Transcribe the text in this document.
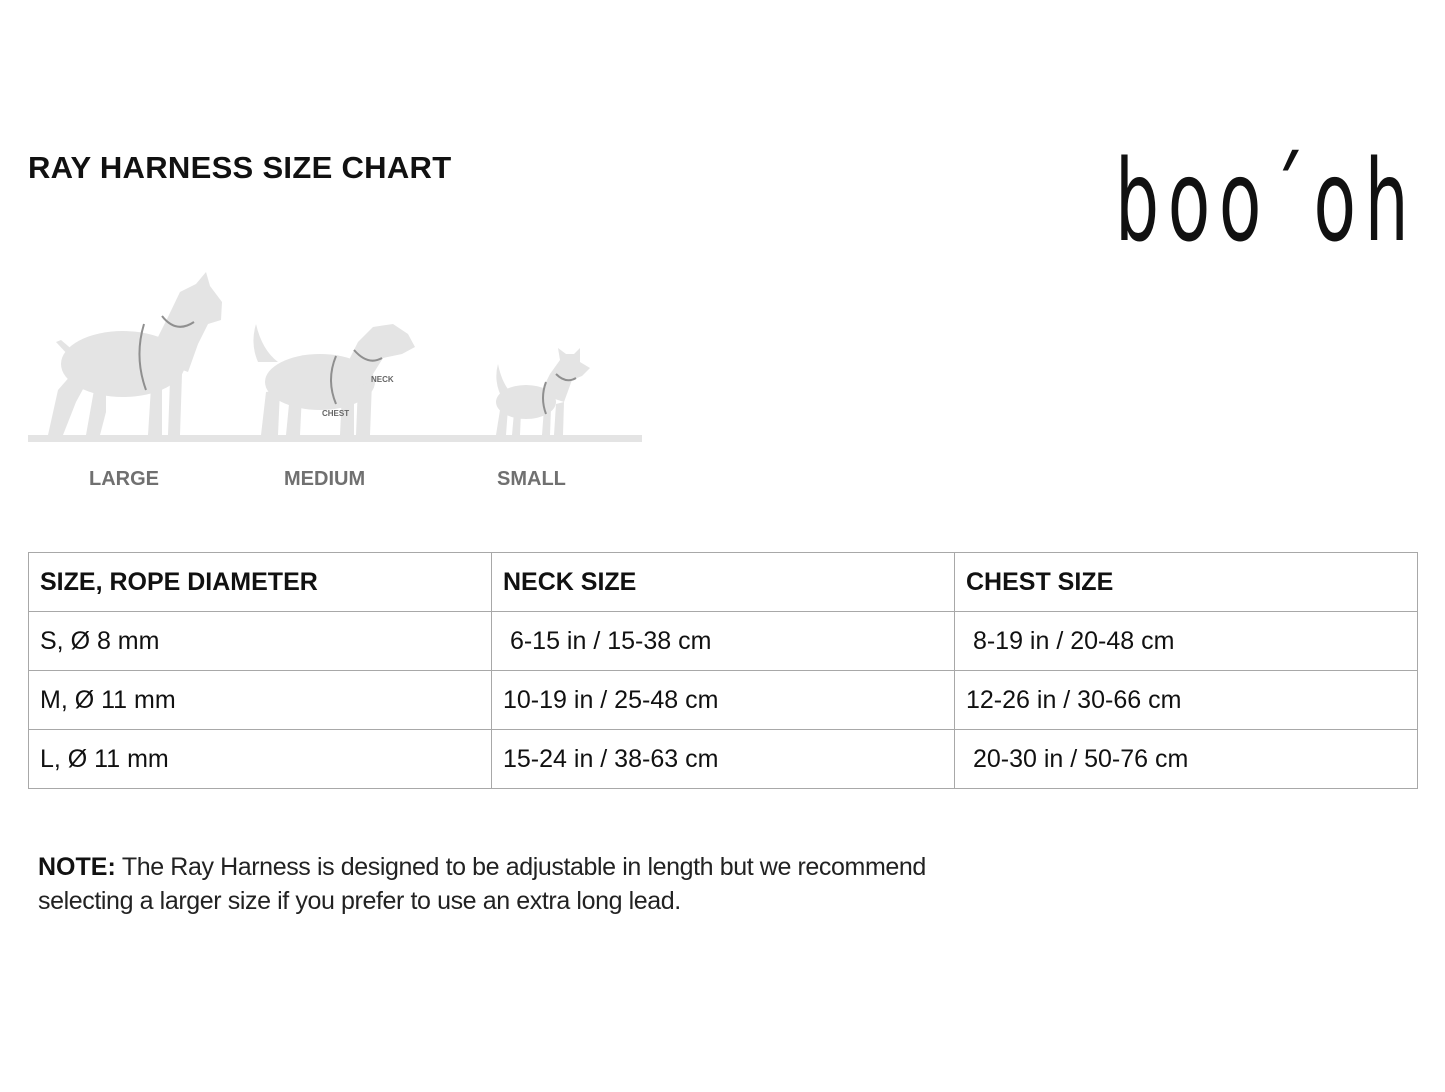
RAY HARNESS SIZE CHART	boo´oh
NECK
CHEST
LARGE	MEDIUM	SMALL
SIZE, ROPE DIAMETER	NECK SIZE	CHEST SIZE
S, Ø 8 mm	6-15 in / 15-38 cm	8-19 in / 20-48 cm
M, Ø 11 mm	10-19 in / 25-48 cm	12-26 in / 30-66 cm
L, Ø 11 mm	15-24 in / 38-63 cm	20-30 in / 50-76 cm
NOTE: The Ray Harness is designed to be adjustable in length but we recommend selecting a larger size if you prefer to use an extra long lead.
